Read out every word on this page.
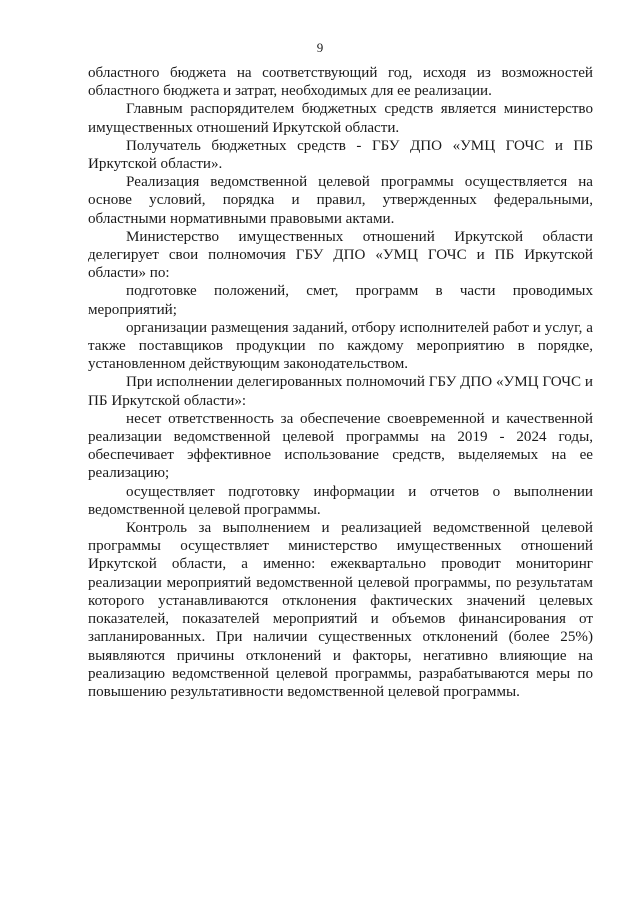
9

областного бюджета на соответствующий год, исходя из возможностей областного бюджета и затрат, необходимых для ее реализации.

Главным распорядителем бюджетных средств является министерство имущественных отношений Иркутской области.

Получатель бюджетных средств - ГБУ ДПО «УМЦ ГОЧС и ПБ Иркутской области».

Реализация ведомственной целевой программы осуществляется на основе условий, порядка и правил, утвержденных федеральными, областными нормативными правовыми актами.

Министерство имущественных отношений Иркутской области делегирует свои полномочия ГБУ ДПО «УМЦ ГОЧС и ПБ Иркутской области» по:

подготовке положений, смет, программ в части проводимых мероприятий;

организации размещения заданий, отбору исполнителей работ и услуг, а также поставщиков продукции по каждому мероприятию в порядке, установленном действующим законодательством.

При исполнении делегированных полномочий ГБУ ДПО «УМЦ ГОЧС и ПБ Иркутской области»:

несет ответственность за обеспечение своевременной и качественной реализации ведомственной целевой программы на 2019 - 2024 годы, обеспечивает эффективное использование средств, выделяемых на ее реализацию;

осуществляет подготовку информации и отчетов о выполнении ведомственной целевой программы.

Контроль за выполнением и реализацией ведомственной целевой программы осуществляет министерство имущественных отношений Иркутской области, а именно: ежеквартально проводит мониторинг реализации мероприятий ведомственной целевой программы, по результатам которого устанавливаются отклонения фактических значений целевых показателей, показателей мероприятий и объемов финансирования от запланированных. При наличии существенных отклонений (более 25%) выявляются причины отклонений и факторы, негативно влияющие на реализацию ведомственной целевой программы, разрабатываются меры по повышению результативности ведомственной целевой программы.
